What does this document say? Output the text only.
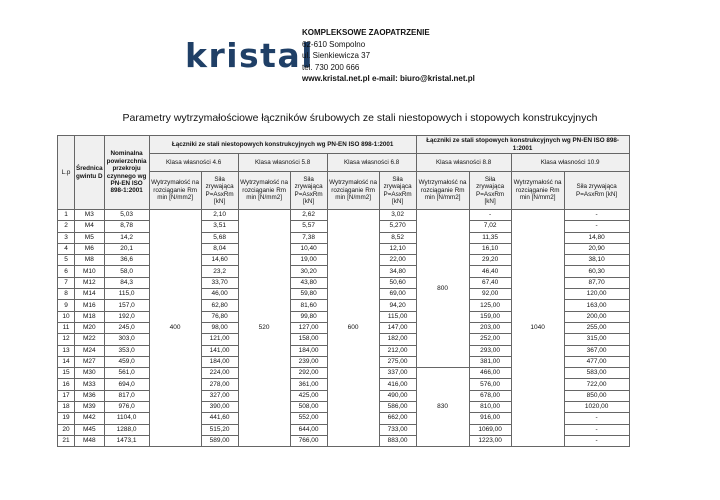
kristal
KOMPLEKSOWE ZAOPATRZENIE
62-610 Sompolno
ul. Sienkiewicza 37
tel. 730 200 666
www.kristal.net.pl e-mail: biuro@kristal.net.pl
Parametry wytrzymałościowe łączników śrubowych ze stali niestopowych i stopowych konstrukcyjnych
L.p	Średnica gwintu D	Nominalna powierzchnia przekroju czynnego wg PN-EN ISO 898-1:2001	Łączniki ze stali niestopowych konstrukcyjnych wg PN-EN ISO 898-1:2001						Łączniki ze stali stopowych konstrukcyjnych wg PN-EN ISO 898-1:2001			
			Klasa własności 4.6		Klasa własności 5.8		Klasa własności 6.8		Klasa własności 8.8		Klasa własności 10.9	
			Wytrzymałość na rozciąganie Rm min [N/mm2]	Siła zrywająca P=AsxRm [kN]	Wytrzymałość na rozciąganie Rm min [N/mm2]	Siła zrywająca P=AsxRm [kN]	Wytrzymałość na rozciąganie Rm min [N/mm2]	Siła zrywająca P=AsxRm [kN]	Wytrzymałość na rozciąganie Rm min [N/mm2]	Siła zrywająca P=AsxRm [kN]	Wytrzymałość na rozciąganie Rm min [N/mm2]	Siła zrywająca P=AsxRm [kN]
1	M3	5,03	400	2,10	520	2,62	600	3,02	800	-	1040	-
2	M4	8,78		3,51		5,57		5,270		7,02		-
3	M5	14,2		5,68		7,38		8,52		11,35		14,80
4	M6	20,1		8,04		10,40		12,10		16,10		20,90
5	M8	36,6		14,60		19,00		22,00		29,20		38,10
6	M10	58,0		23,2		30,20		34,80		46,40		60,30
7	M12	84,3		33,70		43,80		50,60		67,40		87,70
8	M14	115,0		46,00		59,80		69,00		92,00		120,00
9	M16	157,0		62,80		81,60		94,20		125,00		163,00
10	M18	192,0		76,80		99,80		115,00		159,00		200,00
11	M20	245,0		98,00		127,00		147,00		203,00		255,00
12	M22	303,0		121,00		158,00		182,00		252,00		315,00
13	M24	353,0		141,00		184,00		212,00		293,00		367,00
14	M27	459,0		184,00		239,00		275,00		381,00		477,00
15	M30	561,0		224,00		292,00		337,00	830	466,00		583,00
16	M33	694,0		278,00		361,00		416,00		576,00		722,00
17	M36	817,0		327,00		425,00		490,00		678,00		850,00
18	M39	976,0		390,00		508,00		586,00		810,00		1020,00
19	M42	1104,0		441,60		552,00		662,00		916,00		-
20	M45	1288,0		515,20		644,00		733,00		1069,00		-
21	M48	1473,1		589,00		766,00		883,00		1223,00		-
